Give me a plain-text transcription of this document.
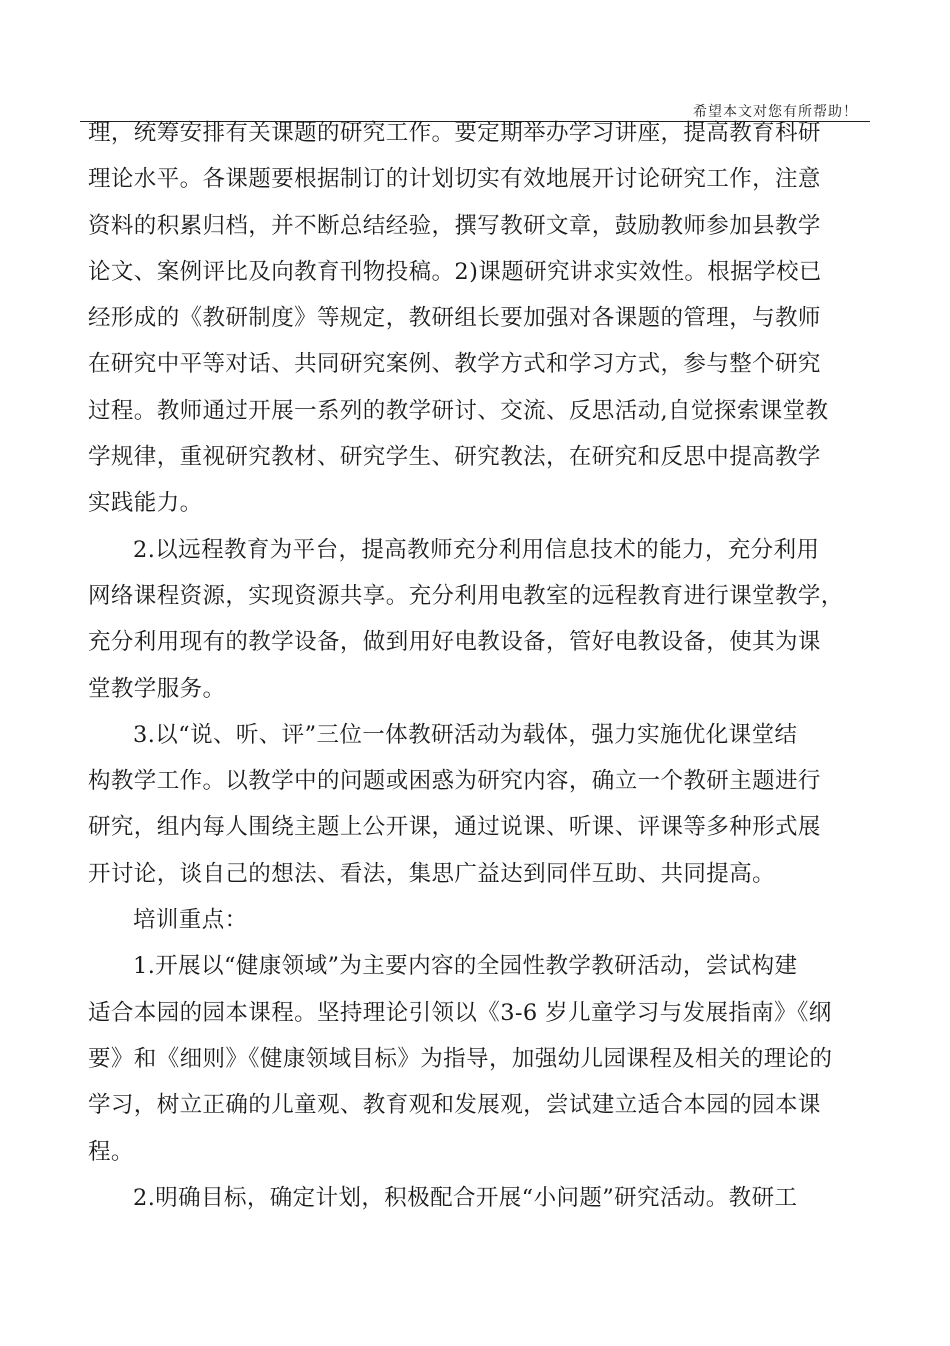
希望本文对您有所帮助！

理，统筹安排有关课题的研究工作。要定期举办学习讲座，提高教育科研
理论水平。各课题要根据制订的计划切实有效地展开讨论研究工作，注意
资料的积累归档，并不断总结经验，撰写教研文章，鼓励教师参加县教学
论文、案例评比及向教育刊物投稿。2)课题研究讲求实效性。根据学校已
经形成的《教研制度》等规定，教研组长要加强对各课题的管理，与教师
在研究中平等对话、共同研究案例、教学方式和学习方式，参与整个研究
过程。教师通过开展一系列的教学研讨、交流、反思活动,自觉探索课堂教
学规律，重视研究教材、研究学生、研究教法，在研究和反思中提高教学
实践能力。

2.以远程教育为平台，提高教师充分利用信息技术的能力，充分利用
网络课程资源，实现资源共享。充分利用电教室的远程教育进行课堂教学，
充分利用现有的教学设备，做到用好电教设备，管好电教设备，使其为课
堂教学服务。

3.以“说、听、评”三位一体教研活动为载体，强力实施优化课堂结
构教学工作。以教学中的问题或困惑为研究内容，确立一个教研主题进行
研究，组内每人围绕主题上公开课，通过说课、听课、评课等多种形式展
开讨论，谈自己的想法、看法，集思广益达到同伴互助、共同提高。

培训重点：

1.开展以“健康领域”为主要内容的全园性教学教研活动，尝试构建
适合本园的园本课程。坚持理论引领以《3-6 岁儿童学习与发展指南》《纲
要》和《细则》《健康领域目标》为指导，加强幼儿园课程及相关的理论的
学习，树立正确的儿童观、教育观和发展观，尝试建立适合本园的园本课
程。

2.明确目标，确定计划，积极配合开展“小问题”研究活动。教研工
